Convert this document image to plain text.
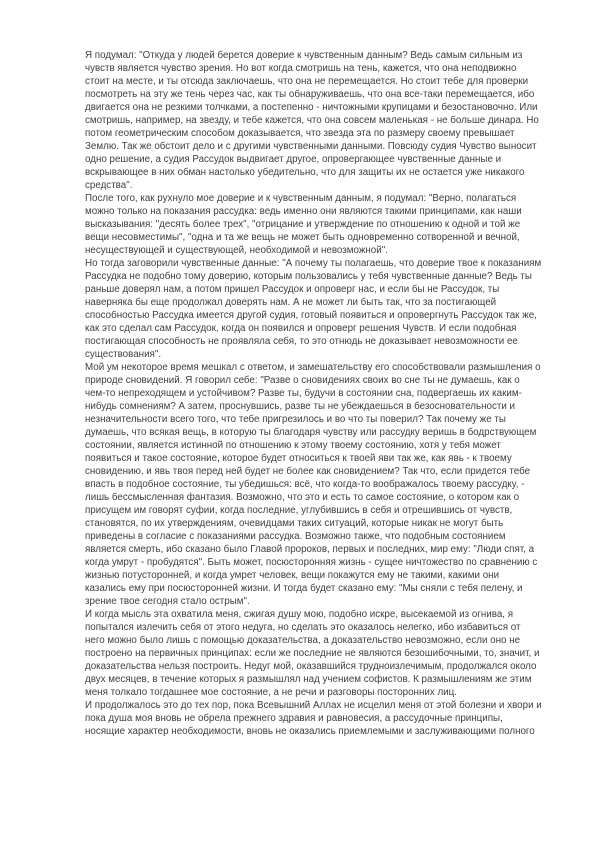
Я подумал: "Откуда у людей берется доверие к чувственным данным? Ведь самым сильным из чувств является чувство зрения. Но вот когда смотришь на тень, кажется, что она неподвижно стоит на месте, и ты отсюда заключаешь, что она не перемещается. Но стоит тебе для проверки посмотреть на эту же тень через час, как ты обнаруживаешь, что она все-таки перемещается, ибо двигается она не резкими толчками, а постепенно - ничтожными крупицами и безостановочно. Или смотришь, например, на звезду, и тебе кажется, что она совсем маленькая - не больше динара. Но потом геометрическим способом доказывается, что звезда эта по размеру своему превышает Землю. Так же обстоит дело и с другими чувственными данными. Повсюду судия Чувство выносит одно решение, а судия Рассудок выдвигает другое, опровергающее чувственные данные и вскрывающее в них обман настолько убедительно, что для защиты их не остается уже никакого средства".

После того, как рухнуло мое доверие и к чувственным данным, я подумал: "Верно, полагаться можно только на показания рассудка: ведь именно они являются такими принципами, как наши высказывания: "десять более трех", "отрицание и утверждение по отношению к одной и той же вещи несовместимы", "одна и та же вещь не может быть одновременно сотворенной и вечной, несуществующей и существующей, необходимой и невозможной".

Но тогда заговорили чувственные данные: "А почему ты полагаешь, что доверие твое к показаниям Рассудка не подобно тому доверию, которым пользовались у тебя чувственные данные? Ведь ты раньше доверял нам, а потом пришел Рассудок и опроверг нас, и если бы не Рассудок, ты наверняка бы еще продолжал доверять нам. А не может ли быть так, что за постигающей способностью Рассудка имеется другой судия, готовый появиться и опровергнуть Рассудок так же, как это сделал сам Рассудок, когда он появился и опроверг решения Чувств. И если подобная постигающая способность не проявляла себя, то это отнюдь не доказывает невозможности ее существования".

Мой ум некоторое время мешкал с ответом, и замешательству его способствовали размышления о природе сновидений. Я говорил себе: "Разве о сновидениях своих во сне ты не думаешь, как о чем-то непреходящем и устойчивом? Разве ты, будучи в состоянии сна, подвергаешь их каким-нибудь сомнениям? А затем, проснувшись, разве ты не убеждаешься в безосновательности и незначительности всего того, что тебе пригрезилось и во что ты поверил? Так почему же ты думаешь, что всякая вещь, в которую ты благодаря чувству или рассудку веришь в бодрствующем состоянии, является истинной по отношению к этому твоему состоянию, хотя у тебя может появиться и такое состояние, которое будет относиться к твоей яви так же, как явь - к твоему сновидению, и явь твоя перед ней будет не более как сновидением? Так что, если придется тебе впасть в подобное состояние, ты убедишься: всё, что когда-то воображалось твоему рассудку, - лишь бессмысленная фантазия. Возможно, что это и есть то самое состояние, о котором как о присущем им говорят суфии, когда последние, углубившись в себя и отрешившись от чувств, становятся, по их утверждениям, очевидцами таких ситуаций, которые никак не могут быть приведены в согласие с показаниями рассудка. Возможно также, что подобным состоянием является смерть, ибо сказано было Главой пророков, первых и последних, мир ему: "Люди спят, а когда умрут - пробудятся". Быть может, посюсторонняя жизнь - сущее ничтожество по сравнению с жизнью потусторонней, и когда умрет человек, вещи покажутся ему не такими, какими они казались ему при посюсторонней жизни. И тогда будет сказано ему: "Мы сняли с тебя пелену, и зрение твое сегодня стало острым".

И когда мысль эта охватила меня, сжигая душу мою, подобно искре, высекаемой из огнива, я попытался излечить себя от этого недуга, но сделать это оказалось нелегко, ибо избавиться от него можно было лишь с помощью доказательства, а доказательство невозможно, если оно не построено на первичных принципах: если же последние не являются безошибочными, то, значит, и доказательства нельзя построить. Недуг мой, оказавшийся трудноизлечимым, продолжался около двух месяцев, в течение которых я размышлял над учением софистов. К размышлениям же этим меня толкало тогдашнее мое состояние, а не речи и разговоры посторонних лиц.

И продолжалось это до тех пор, пока Всевышний Аллах не исцелил меня от этой болезни и хвори и пока душа моя вновь не обрела прежнего здравия и равновесия, а рассудочные принципы, носящие характер необходимости, вновь не оказались приемлемыми и заслуживающими полного
